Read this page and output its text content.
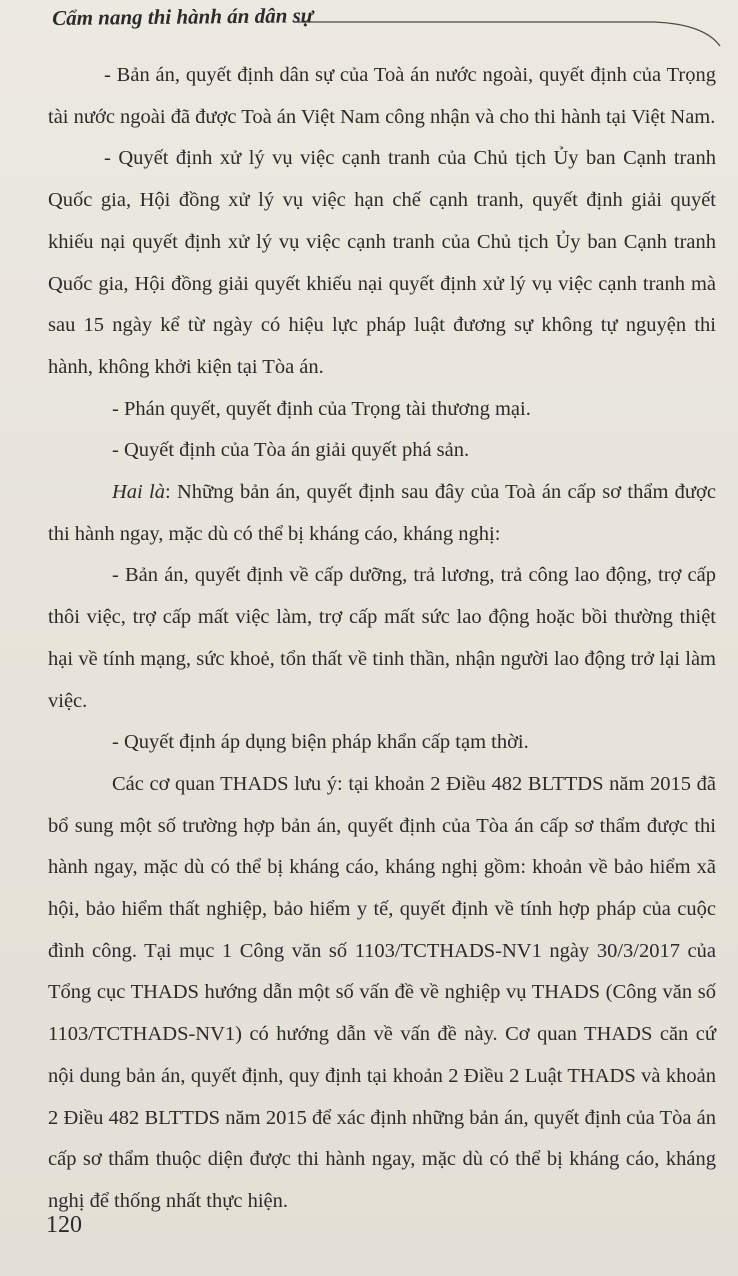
Cẩm nang thi hành án dân sự

- Bản án, quyết định dân sự của Toà án nước ngoài, quyết định của Trọng tài nước ngoài đã được Toà án Việt Nam công nhận và cho thi hành tại Việt Nam.

- Quyết định xử lý vụ việc cạnh tranh của Chủ tịch Ủy ban Cạnh tranh Quốc gia, Hội đồng xử lý vụ việc hạn chế cạnh tranh, quyết định giải quyết khiếu nại quyết định xử lý vụ việc cạnh tranh của Chủ tịch Ủy ban Cạnh tranh Quốc gia, Hội đồng giải quyết khiếu nại quyết định xử lý vụ việc cạnh tranh mà sau 15 ngày kể từ ngày có hiệu lực pháp luật đương sự không tự nguyện thi hành, không khởi kiện tại Tòa án.

- Phán quyết, quyết định của Trọng tài thương mại.

- Quyết định của Tòa án giải quyết phá sản.

Hai là: Những bản án, quyết định sau đây của Toà án cấp sơ thẩm được thi hành ngay, mặc dù có thể bị kháng cáo, kháng nghị:

- Bản án, quyết định về cấp dưỡng, trả lương, trả công lao động, trợ cấp thôi việc, trợ cấp mất việc làm, trợ cấp mất sức lao động hoặc bồi thường thiệt hại về tính mạng, sức khoẻ, tổn thất về tinh thần, nhận người lao động trở lại làm việc.

- Quyết định áp dụng biện pháp khẩn cấp tạm thời.

Các cơ quan THADS lưu ý: tại khoản 2 Điều 482 BLTTDS năm 2015 đã bổ sung một số trường hợp bản án, quyết định của Tòa án cấp sơ thẩm được thi hành ngay, mặc dù có thể bị kháng cáo, kháng nghị gồm: khoản về bảo hiểm xã hội, bảo hiểm thất nghiệp, bảo hiểm y tế, quyết định về tính hợp pháp của cuộc đình công. Tại mục 1 Công văn số 1103/TCTHADS-NV1 ngày 30/3/2017 của Tổng cục THADS hướng dẫn một số vấn đề về nghiệp vụ THADS (Công văn số 1103/TCTHADS-NV1) có hướng dẫn về vấn đề này. Cơ quan THADS căn cứ nội dung bản án, quyết định, quy định tại khoản 2 Điều 2 Luật THADS và khoản 2 Điều 482 BLTTDS năm 2015 để xác định những bản án, quyết định của Tòa án cấp sơ thẩm thuộc diện được thi hành ngay, mặc dù có thể bị kháng cáo, kháng nghị để thống nhất thực hiện.

120
